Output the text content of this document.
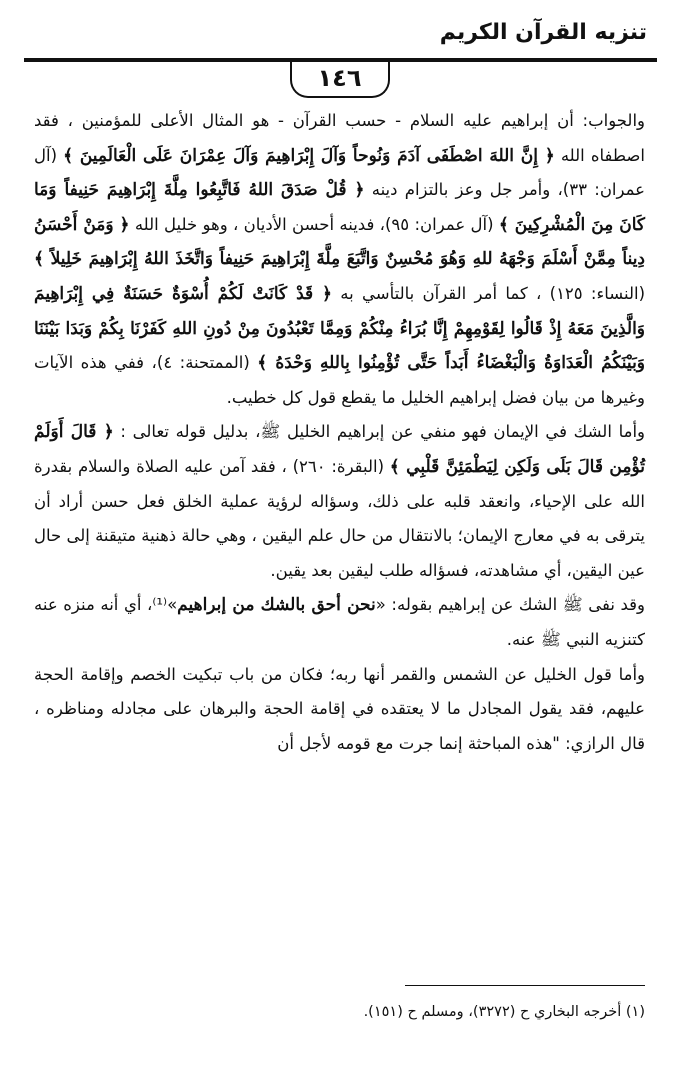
تنزيه القرآن الكريم
١٤٦

والجواب: أن إبراهيم عليه السلام - حسب القرآن - هو المثال الأعلى للمؤمنين ، فقد اصطفاه الله ﴿ إِنَّ اللهَ اصْطَفَى آدَمَ وَنُوحاً وَآلَ إِبْرَاهِيمَ وَآلَ عِمْرَانَ عَلَى الْعَالَمِينَ ﴾ (آل عمران: ٣٣)، وأمر جل وعز بالتزام دينه ﴿ قُلْ صَدَقَ اللهُ فَاتَّبِعُوا مِلَّةَ إِبْرَاهِيمَ حَنِيفاً وَمَا كَانَ مِنَ الْمُشْرِكِينَ ﴾ (آل عمران: ٩٥)، فدينه أحسن الأديان ، وهو خليل الله ﴿ وَمَنْ أَحْسَنُ دِيناً مِمَّنْ أَسْلَمَ وَجْهَهُ للهِ وَهُوَ مُحْسِنٌ وَاتَّبَعَ مِلَّةَ إِبْرَاهِيمَ حَنِيفاً وَاتَّخَذَ اللهُ إِبْرَاهِيمَ خَلِيلاً ﴾ (النساء: ١٢٥) ، كما أمر القرآن بالتأسي به ﴿ قَدْ كَانَتْ لَكُمْ أُسْوَةٌ حَسَنَةٌ فِي إِبْرَاهِيمَ وَالَّذِينَ مَعَهُ إِذْ قَالُوا لِقَوْمِهِمْ إِنَّا بُرَاءُ مِنْكُمْ وَمِمَّا تَعْبُدُونَ مِنْ دُونِ اللهِ كَفَرْنَا بِكُمْ وَبَدَا بَيْنَنَا وَبَيْنَكُمُ الْعَدَاوَةُ وَالْبَغْضَاءُ أَبَداً حَتَّى تُؤْمِنُوا بِاللهِ وَحْدَهُ ﴾ (الممتحنة: ٤)، ففي هذه الآيات وغيرها من بيان فضل إبراهيم الخليل ما يقطع قول كل خطيب.

وأما الشك في الإيمان فهو منفي عن إبراهيم الخليل ﷺ، بدليل قوله تعالى : ﴿ قَالَ أَوَلَمْ تُؤْمِن قَالَ بَلَى وَلَكِن لِيَطْمَئِنَّ قَلْبِي ﴾ (البقرة: ٢٦٠) ، فقد آمن عليه الصلاة والسلام بقدرة الله على الإحياء، وانعقد قلبه على ذلك، وسؤاله لرؤية عملية الخلق فعل حسن أراد أن يترقى به في معارج الإيمان؛ بالانتقال من حال علم اليقين ، وهي حالة ذهنية متيقنة إلى حال عين اليقين، أي مشاهدته، فسؤاله طلب ليقين بعد يقين.

وقد نفى ﷺ الشك عن إبراهيم بقوله: «نحن أحق بالشك من إبراهيم»⁽¹⁾، أي أنه منزه عنه كتنزيه النبي ﷺ عنه.

وأما قول الخليل عن الشمس والقمر أنها ربه؛ فكان من باب تبكيت الخصم وإقامة الحجة عليهم، فقد يقول المجادل ما لا يعتقده في إقامة الحجة والبرهان على مجادله ومناظره ، قال الرازي: "هذه المباحثة إنما جرت مع قومه لأجل أن

(١) أخرجه البخاري ح (٣٢٧٢)، ومسلم ح (١٥١).
